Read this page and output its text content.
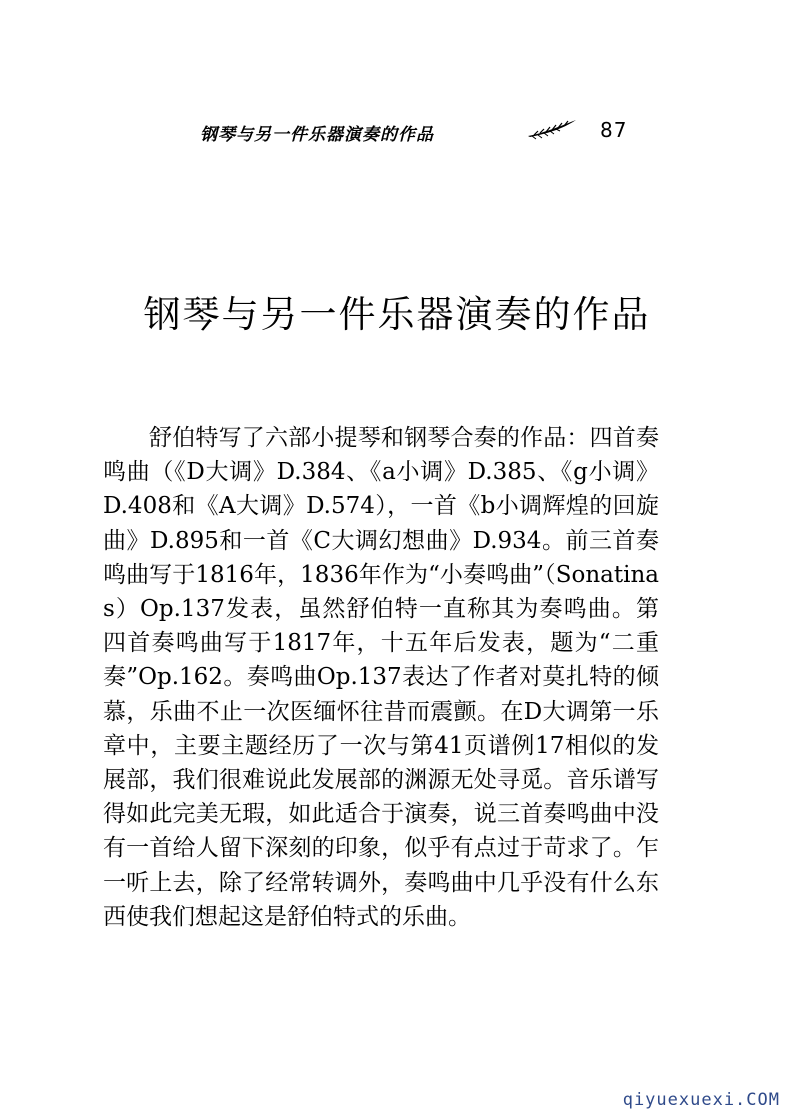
钢琴与另一件乐器演奏的作品	87
钢琴与另一件乐器演奏的作品

舒伯特写了六部小提琴和钢琴合奏的作品：四首奏鸣曲（《D大调》D.384、《a小调》D.385、《g小调》D.408和《A大调》D.574），一首《b小调辉煌的回旋曲》D.895和一首《C大调幻想曲》D.934。前三首奏鸣曲写于1816年，1836年作为“小奏鸣曲”（Sonatinas）Op.137发表，虽然舒伯特一直称其为奏鸣曲。第四首奏鸣曲写于1817年，十五年后发表，题为“二重奏”Op.162。奏鸣曲Op.137表达了作者对莫扎特的倾慕，乐曲不止一次医缅怀往昔而震颤。在D大调第一乐章中，主要主题经历了一次与第41页谱例17相似的发展部，我们很难说此发展部的渊源无处寻觅。音乐谱写得如此完美无瑕，如此适合于演奏，说三首奏鸣曲中没有一首给人留下深刻的印象，似乎有点过于苛求了。乍一听上去，除了经常转调外，奏鸣曲中几乎没有什么东西使我们想起这是舒伯特式的乐曲。

qiyuexuexi.COM
